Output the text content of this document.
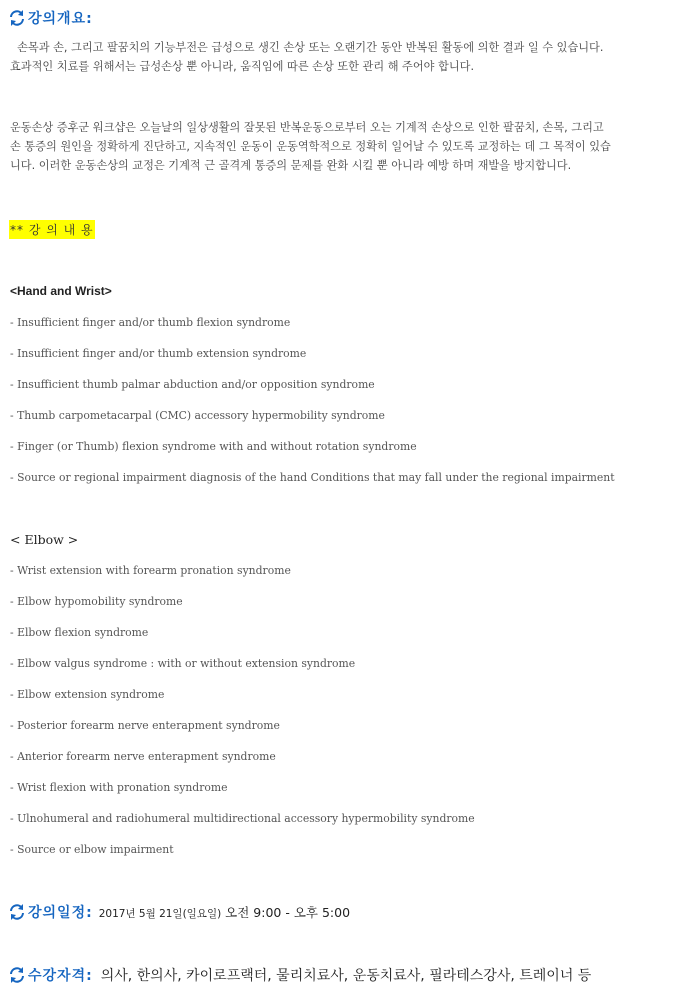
강의개요:

손목과 손, 그리고 팔꿈치의 기능부전은 급성으로 생긴 손상 또는 오랜기간 동안 반복된 활동에 의한 결과 일 수 있습니다.

효과적인 치료를 위해서는 급성손상 뿐 아니라, 움직임에 따른 손상 또한 관리 해 주어야 합니다.

운동손상 증후군 워크샵은 오늘날의 일상생활의 잘못된 반복운동으로부터 오는 기계적 손상으로 인한 팔꿈치, 손목, 그리고

손 통증의 원인을 정확하게 진단하고, 지속적인 운동이 운동역학적으로 정확히 일어날 수 있도록 교정하는 데 그 목적이 있습

니다. 이러한 운동손상의 교정은 기계적 근 골격계 통증의 문제를 완화 시킬 뿐 아니라 예방 하며 재발을 방지합니다.

** 강 의 내 용
<Hand and Wrist>
- Insufficient finger and/or thumb flexion syndrome
- Insufficient finger and/or thumb extension syndrome
- Insufficient thumb palmar abduction and/or opposition syndrome
- Thumb carpometacarpal (CMC) accessory hypermobility syndrome
- Finger (or Thumb) flexion syndrome with and without rotation syndrome
- Source or regional impairment diagnosis of the hand Conditions that may fall under the regional impairment
< Elbow >
- Wrist extension with forearm pronation syndrome
- Elbow hypomobility syndrome
- Elbow flexion syndrome
- Elbow valgus syndrome : with or without extension syndrome
- Elbow extension syndrome
- Posterior forearm nerve enterapment syndrome
- Anterior forearm nerve enterapment syndrome
- Wrist flexion with pronation syndrome
- Ulnohumeral and radiohumeral multidirectional accessory hypermobility syndrome
- Source or elbow impairment
강의일정: 2017년 5월 21일(일요일) 오전 9:00 - 오후 5:00
수강자격: 의사, 한의사, 카이로프랙터, 물리치료사, 운동치료사, 필라테스강사, 트레이너 등
